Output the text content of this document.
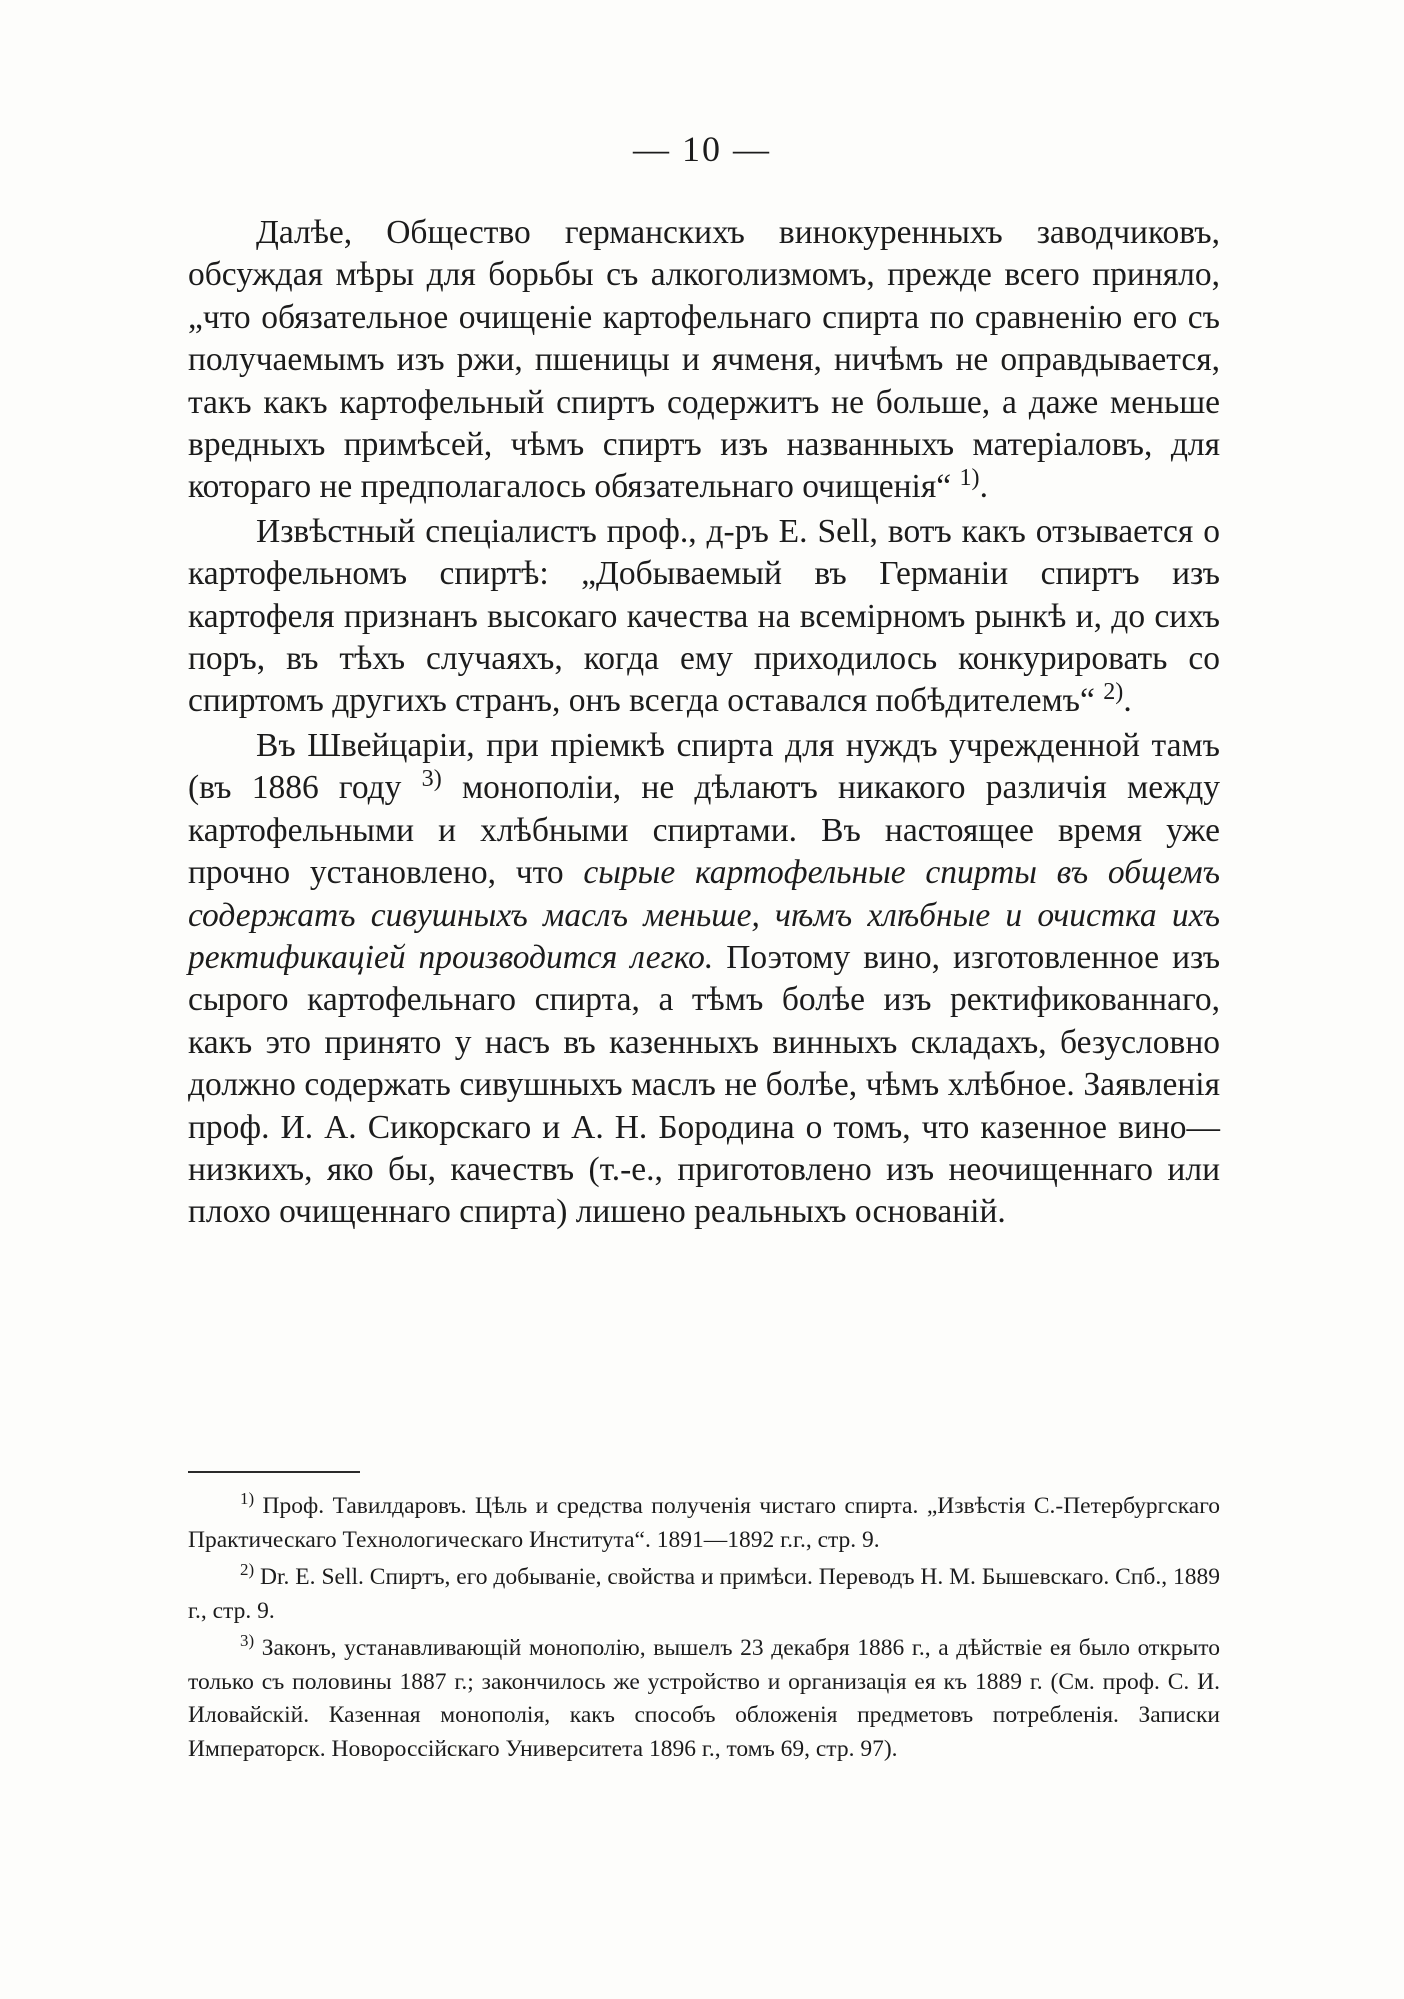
— 10 —

Далѣе, Общество германскихъ винокуренныхъ заводчиковъ, обсуждая мѣры для борьбы съ алкоголизмомъ, прежде всего приняло, „что обязательное очищеніе картофельнаго спирта по сравненію его съ получаемымъ изъ ржи, пшеницы и ячменя, ничѣмъ не оправдывается, такъ какъ картофельный спиртъ содержитъ не больше, а даже меньше вредныхъ примѣсей, чѣмъ спиртъ изъ названныхъ матеріаловъ, для котораго не предполагалось обязательнаго очищенія“ $^{1)}$.

Извѣстный спеціалистъ проф., д-ръ Е. Sell, вотъ какъ отзывается о картофельномъ спиртѣ: „Добываемый въ Германіи спиртъ изъ картофеля признанъ высокаго качества на всемірномъ рынкѣ и, до сихъ поръ, въ тѣхъ случаяхъ, когда ему приходилось конкурировать со спиртомъ другихъ странъ, онъ всегда оставался побѣдителемъ“ $^{2)}$.

Въ Швейцаріи, при пріемкѣ спирта для нуждъ учрежденной тамъ (въ 1886 году $^{3)}$ монополіи, не дѣлаютъ никакого различія между картофельными и хлѣбными спиртами. Въ настоящее время уже прочно установлено, что сырые картофельные спирты въ общемъ содержатъ сивушныхъ маслъ меньше, чѣмъ хлѣбные и очистка ихъ ректификаціей производится легко. Поэтому вино, изготовленное изъ сырого картофельнаго спирта, а тѣмъ болѣе изъ ректификованнаго, какъ это принято у насъ въ казенныхъ винныхъ складахъ, безусловно должно содержать сивушныхъ маслъ не болѣе, чѣмъ хлѣбное. Заявленія проф. И. А. Сикорскаго и А. Н. Бородина о томъ, что казенное вино—низкихъ, яко бы, качествъ (т.-е., приготовлено изъ неочищеннаго или плохо очищеннаго спирта) лишено реальныхъ основаній.

$^{1)}$ Проф. Тавилдаровъ. Цѣль и средства полученія чистаго спирта. „Извѣстія С.-Петербургскаго Практическаго Технологическаго Института“. 1891—1892 г.г., стр. 9.

$^{2)}$ Dr. E. Sell. Спиртъ, его добываніе, свойства и примѣси. Переводъ Н. М. Бышевскаго. Спб., 1889 г., стр. 9.

$^{3)}$ Законъ, устанавливающій монополію, вышелъ 23 декабря 1886 г., а дѣйствіе ея было открыто только съ половины 1887 г.; закончилось же устройство и организація ея къ 1889 г. (См. проф. С. И. Иловайскій. Казенная монополія, какъ способъ обложенія предметовъ потребленія. Записки Императорск. Новороссійскаго Университета 1896 г., томъ 69, стр. 97).
